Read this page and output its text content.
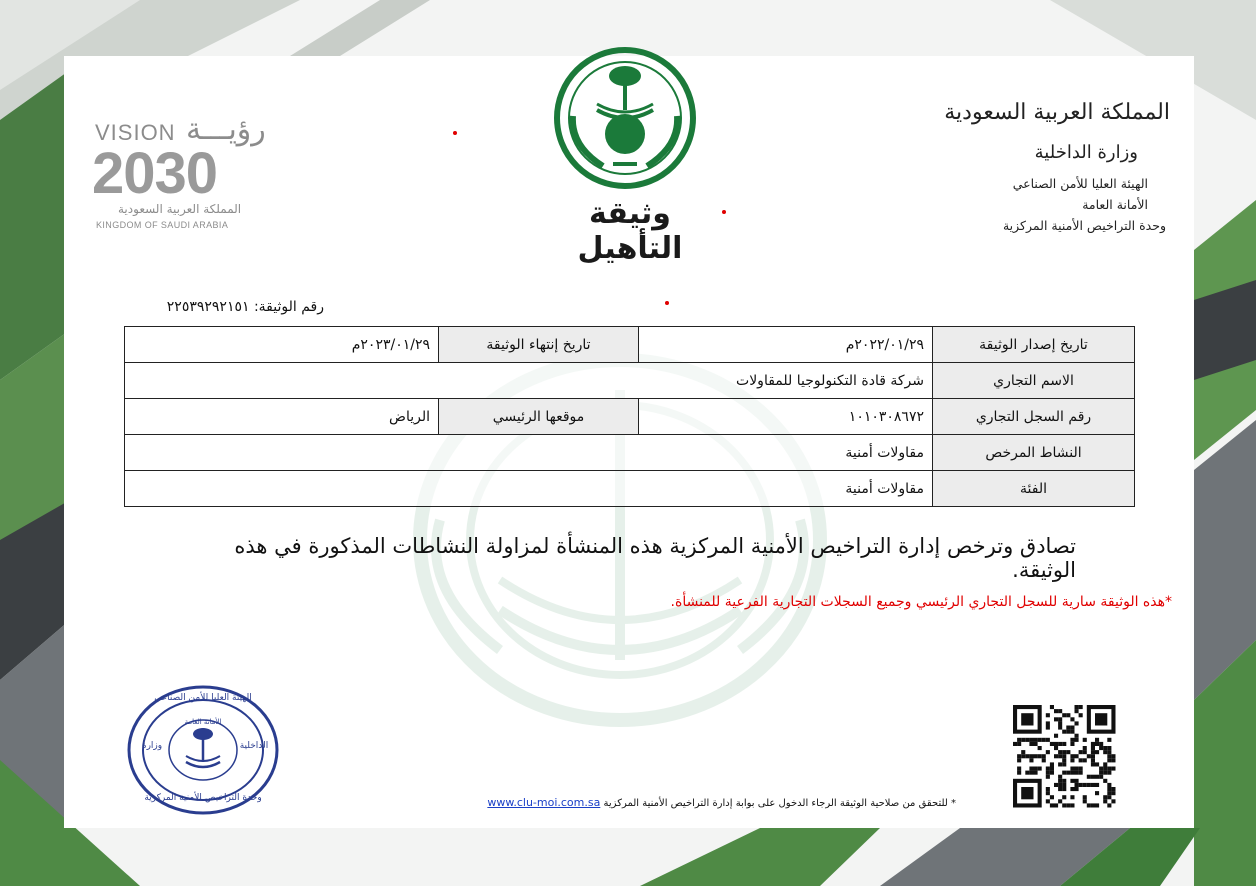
VISION رؤيـــة
2030
المملكة العربية السعودية
KINGDOM OF SAUDI ARABIA	وثيقة التأهيل
المملكة العربية السعودية
وزارة الداخلية
الهيئة العليا للأمن الصناعي
الأمانة العامة
وحدة التراخيص الأمنية المركزية
رقم الوثيقة: ٢٢٥٣٩٢٩٢١٥١
تاريخ إصدار الوثيقة	٢٠٢٢/٠١/٢٩م	تاريخ إنتهاء الوثيقة	٢٠٢٣/٠١/٢٩م
الاسم التجاري	شركة قادة التكنولوجيا للمقاولات		
رقم السجل التجاري	١٠١٠٣٠٨٦٧٢	موقعها الرئيسي	الرياض
النشاط المرخص	مقاولات أمنية		
الفئة	مقاولات أمنية		
تصادق وترخص إدارة التراخيص الأمنية المركزية هذه المنشأة لمزاولة النشاطات المذكورة في هذه الوثيقة.
*هذه الوثيقة سارية للسجل التجاري الرئيسي وجميع السجلات التجارية الفرعية للمنشأة.
الهيئة العليا للأمن الصناعي
الأمانة العامة
وزارة	الداخلية
وحدة التراخيص الأمنية المركزية	* للتحقق من صلاحية الوثيقة الرجاء الدخول على بوابة إدارة التراخيص الأمنية المركزية www.clu-moi.com.sa
